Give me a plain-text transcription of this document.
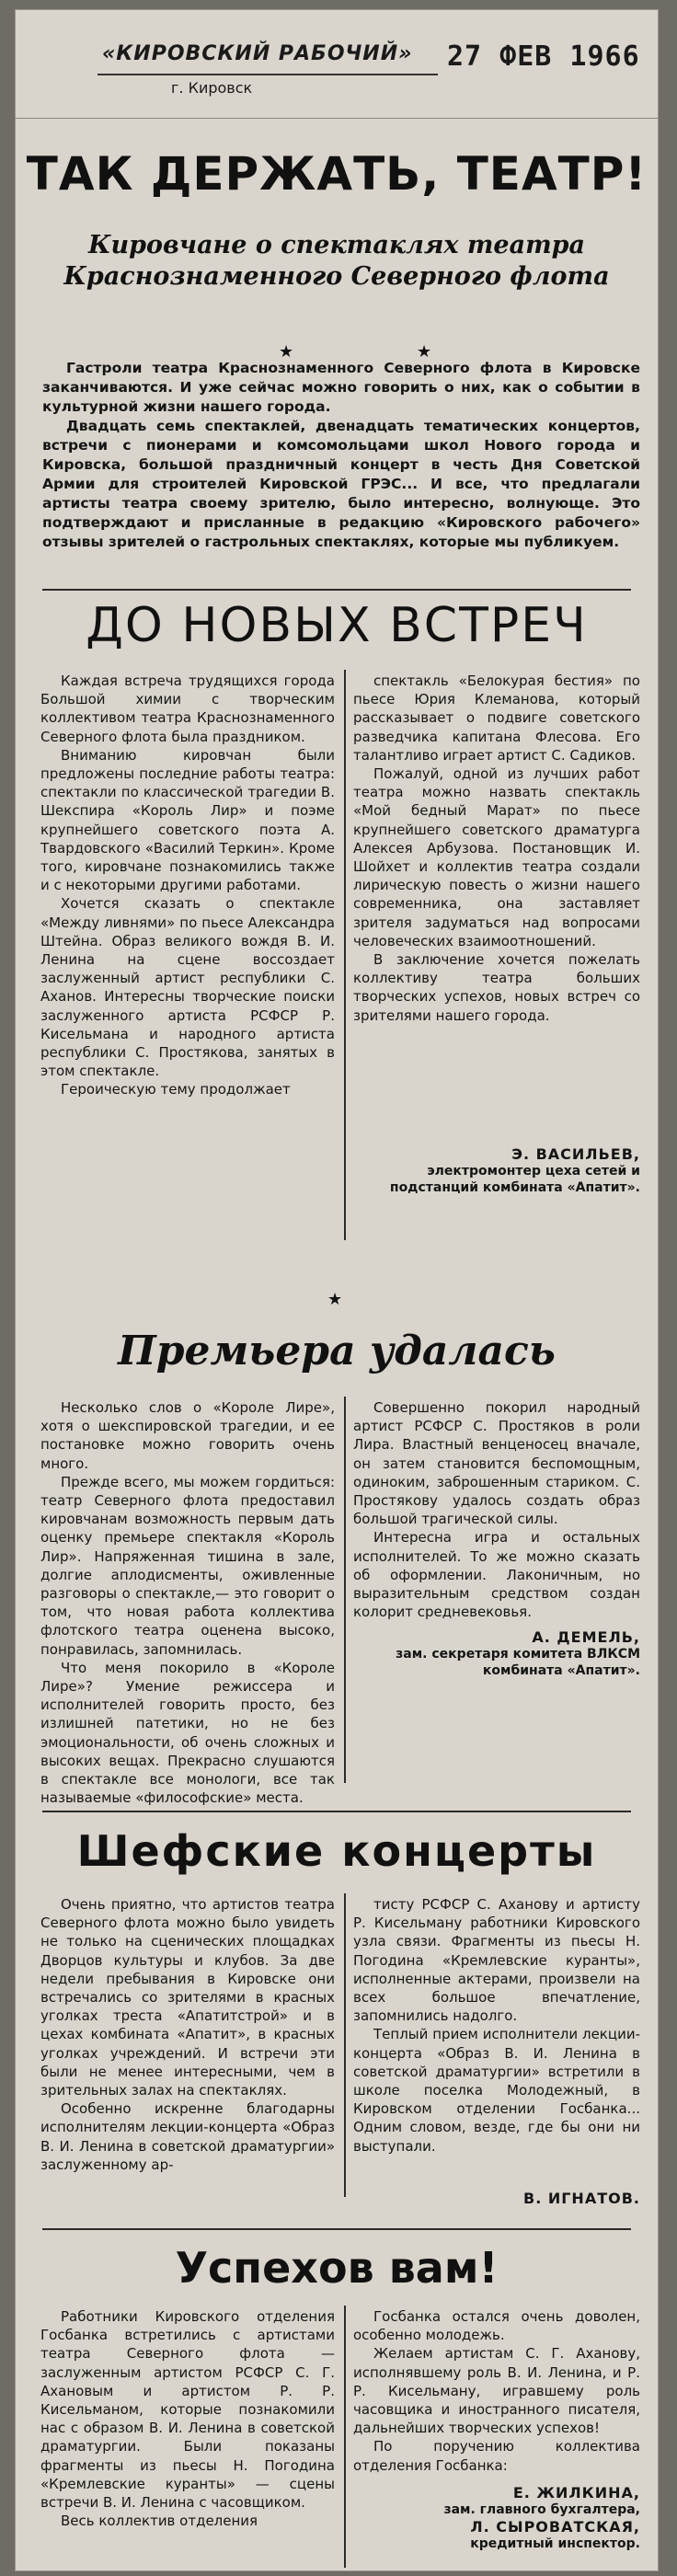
«КИРОВСКИЙ РАБОЧИЙ»
г. Кировск
27 ФЕВ 1966
ТАК ДЕРЖАТЬ, ТЕАТР!
Кировчане о спектаклях театра
Краснознаменного Северного флота
★	★

Гастроли театра Краснознаменного Северного флота в Кировске заканчиваются. И уже сейчас можно говорить о них, как о событии в культурной жизни нашего города.

Двадцать семь спектаклей, двенадцать тематических концертов, встречи с пионерами и комсомольцами школ Нового города и Кировска, большой праздничный концерт в честь Дня Советской Армии для строителей Кировской ГРЭС... И все, что предлагали артисты театра своему зрителю, было интересно, волнующе. Это подтверждают и присланные в редакцию «Кировского рабочего» отзывы зрителей о гастрольных спектаклях, которые мы публикуем.

ДО НОВЫХ ВСТРЕЧ

Каждая встреча трудящихся города Большой химии с творческим коллективом театра Краснознаменного Северного флота была праздником.

Вниманию кировчан были предложены последние работы театра: спектакли по классической трагедии В. Шекспира «Король Лир» и поэме крупнейшего советского поэта А. Твардовского «Василий Теркин». Кроме того, кировчане познакомились также и с некоторыми другими работами.

Хочется сказать о спектакле «Между ливнями» по пьесе Александра Штейна. Образ великого вождя В. И. Ленина на сцене воссоздает заслуженный артист республики С. Аханов. Интересны творческие поиски заслуженного артиста РСФСР Р. Кисельмана и народного артиста республики С. Простякова, занятых в этом спектакле.

Героическую тему продолжает

спектакль «Белокурая бестия» по пьесе Юрия Клеманова, который рассказывает о подвиге советского разведчика капитана Флесова. Его талантливо играет артист С. Садиков.

Пожалуй, одной из лучших работ театра можно назвать спектакль «Мой бедный Марат» по пьесе крупнейшего советского драматурга Алексея Арбузова. Постановщик И. Шойхет и коллектив театра создали лирическую повесть о жизни нашего современника, она заставляет зрителя задуматься над вопросами человеческих взаимоотношений.

В заключение хочется пожелать коллективу театра больших творческих успехов, новых встреч со зрителями нашего города.

Э. ВАСИЛЬЕВ,
электромонтер цеха сетей и подстанций комбината «Апатит».
★
Премьера удалась

Несколько слов о «Короле Лире», хотя о шекспировской трагедии, и ее постановке можно говорить очень много.

Прежде всего, мы можем гордиться: театр Северного флота предоставил кировчанам возможность первым дать оценку премьере спектакля «Король Лир». Напряженная тишина в зале, долгие аплодисменты, оживленные разговоры о спектакле,— это говорит о том, что новая работа коллектива флотского театра оценена высоко, понравилась, запомнилась.

Что меня покорило в «Короле Лире»? Умение режиссера и исполнителей говорить просто, без излишней патетики, но не без эмоциональности, об очень сложных и высоких вещах. Прекрасно слушаются в спектакле все монологи, все так называемые «философские» места.

Совершенно покорил народный артист РСФСР С. Простяков в роли Лира. Властный венценосец вначале, он затем становится беспомощным, одиноким, заброшенным стариком. С. Простякову удалось создать образ большой трагической силы.

Интересна игра и остальных исполнителей. То же можно сказать об оформлении. Лаконичным, но выразительным средством создан колорит средневековья.

А. ДЕМЕЛЬ,
зам. секретаря комитета ВЛКСМ комбината «Апатит».
Шефские концерты

Очень приятно, что артистов театра Северного флота можно было увидеть не только на сценических площадках Дворцов культуры и клубов. За две недели пребывания в Кировске они встречались со зрителями в красных уголках треста «Апатитстрой» и в цехах комбината «Апатит», в красных уголках учреждений. И встречи эти были не менее интересными, чем в зрительных залах на спектаклях.

Особенно искренне благодарны исполнителям лекции-концерта «Образ В. И. Ленина в советской драматургии» заслуженному ар-

тисту РСФСР С. Аханову и артисту Р. Кисельману работники Кировского узла связи. Фрагменты из пьесы Н. Погодина «Кремлевские куранты», исполненные актерами, произвели на всех большое впечатление, запомнились надолго.

Теплый прием исполнители лекции-концерта «Образ В. И. Ленина в советской драматургии» встретили в школе поселка Молодежный, в Кировском отделении Госбанка... Одним словом, везде, где бы они ни выступали.

В. ИГНАТОВ.
Успехов вам!

Работники Кировского отделения Госбанка встретились с артистами театра Северного флота — заслуженным артистом РСФСР С. Г. Ахановым и артистом Р. Р. Кисельманом, которые познакомили нас с образом В. И. Ленина в советской драматургии. Были показаны фрагменты из пьесы Н. Погодина «Кремлевские куранты» — сцены встречи В. И. Ленина с часовщиком.

Весь коллектив отделения

Госбанка остался очень доволен, особенно молодежь.

Желаем артистам С. Г. Аханову, исполнявшему роль В. И. Ленина, и Р. Р. Кисельману, игравшему роль часовщика и иностранного писателя, дальнейших творческих успехов!

По поручению коллектива отделения Госбанка:

Е. ЖИЛКИНА,
зам. главного бухгалтера,
Л. СЫРОВАТСКАЯ,
кредитный инспектор.
